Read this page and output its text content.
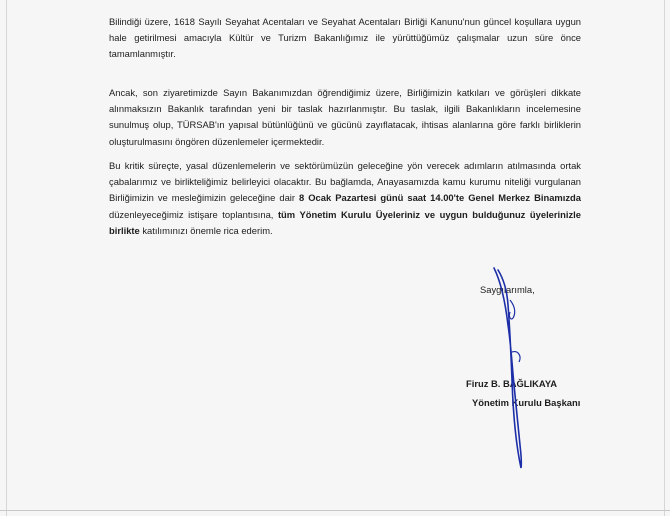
Bilindiği üzere, 1618 Sayılı Seyahat Acentaları ve Seyahat Acentaları Birliği Kanunu'nun güncel koşullara uygun hale getirilmesi amacıyla Kültür ve Turizm Bakanlığımız ile yürüttüğümüz çalışmalar uzun süre önce tamamlanmıştır.

Ancak, son ziyaretimizde Sayın Bakanımızdan öğrendiğimiz üzere, Birliğimizin katkıları ve görüşleri dikkate alınmaksızın Bakanlık tarafından yeni bir taslak hazırlanmıştır. Bu taslak, ilgili Bakanlıkların incelemesine sunulmuş olup, TÜRSAB'ın yapısal bütünlüğünü ve gücünü zayıflatacak, ihtisas alanlarına göre farklı birliklerin oluşturulmasını öngören düzenlemeler içermektedir.

Bu kritik süreçte, yasal düzenlemelerin ve sektörümüzün geleceğine yön verecek adımların atılmasında ortak çabalarımız ve birlikteliğimiz belirleyici olacaktır. Bu bağlamda, Anayasamızda kamu kurumu niteliği vurgulanan Birliğimizin ve mesleğimizin geleceğine dair 8 Ocak Pazartesi günü saat 14.00'te Genel Merkez Binamızda düzenleyeceğimiz istişare toplantısına, tüm Yönetim Kurulu Üyeleriniz ve uygun bulduğunuz üyelerinizle birlikte katılımınızı önemle rica ederim.

Saygılarımla,
Firuz B. BAĞLIKAYA
Yönetim Kurulu Başkanı
